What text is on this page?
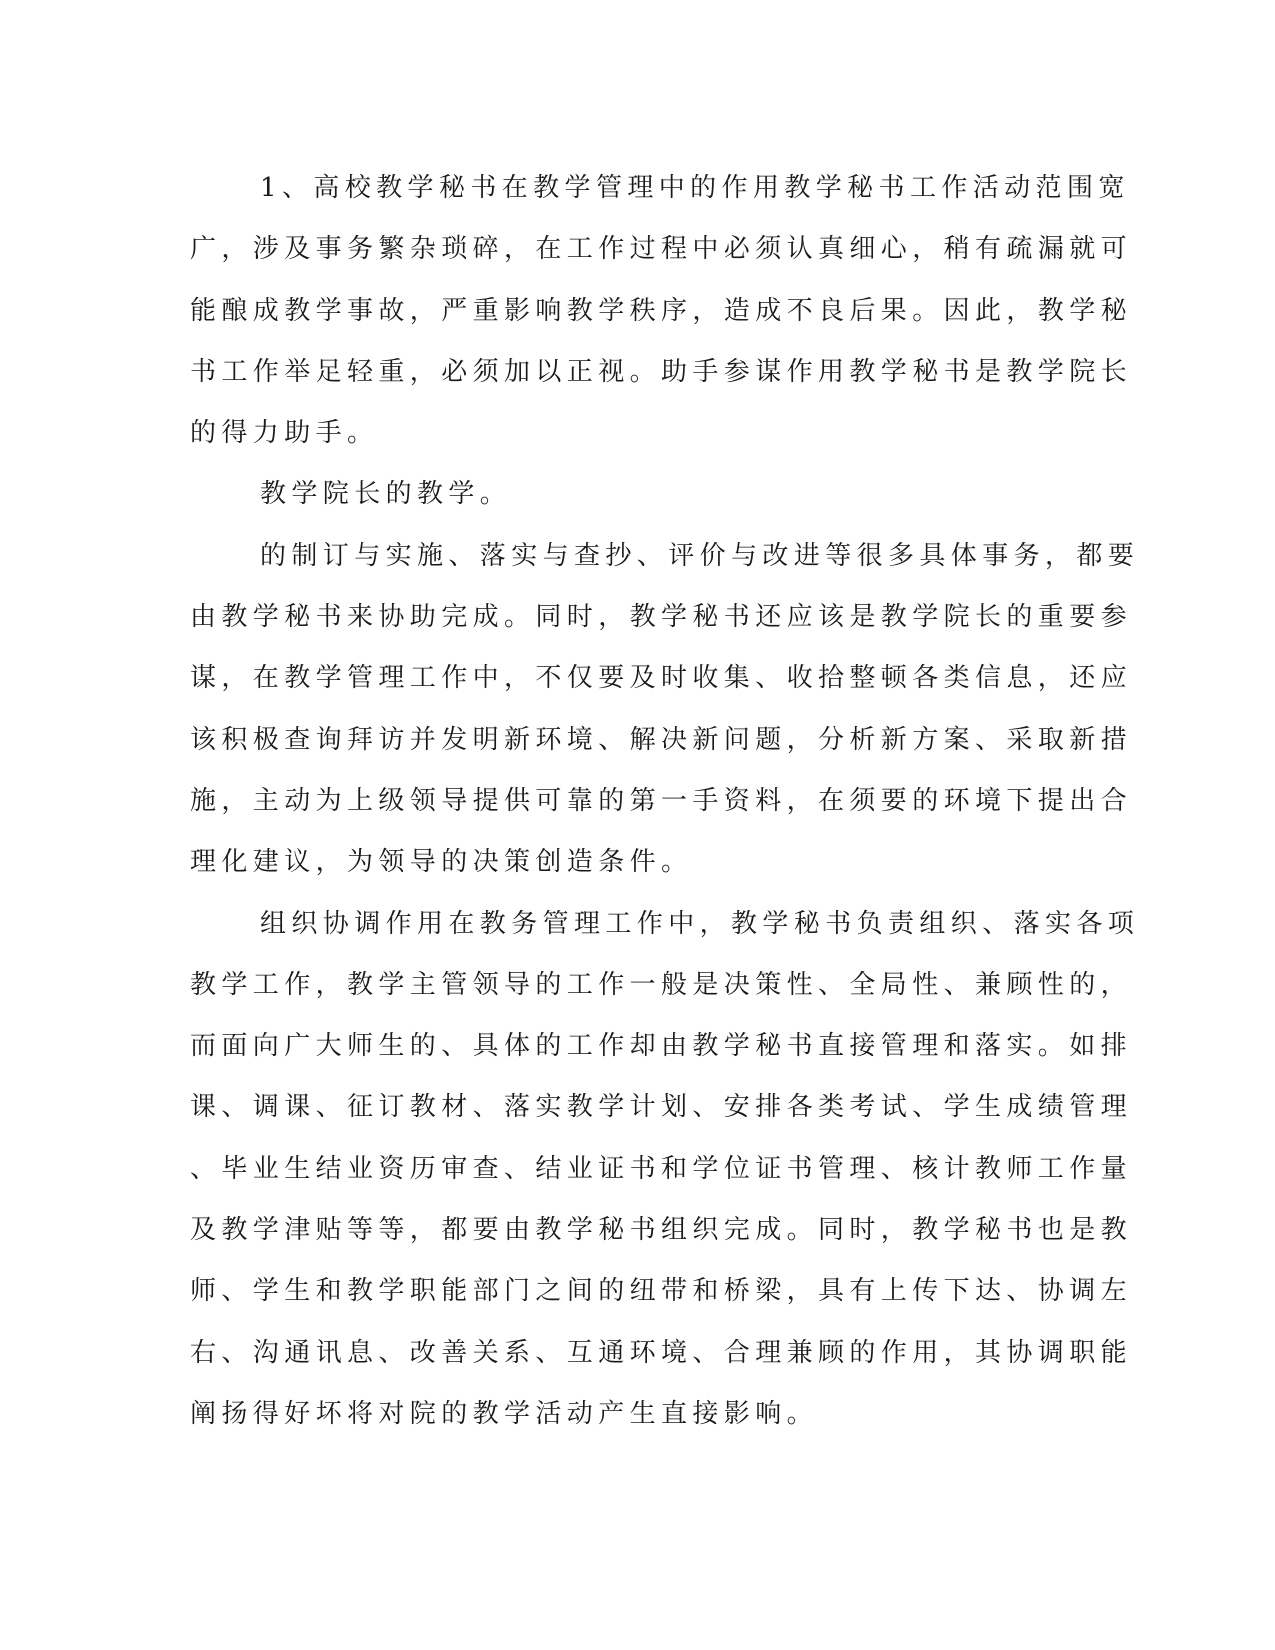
1、高校教学秘书在教学管理中的作用教学秘书工作活动范围宽
广，涉及事务繁杂琐碎，在工作过程中必须认真细心，稍有疏漏就可
能酿成教学事故，严重影响教学秩序，造成不良后果。因此，教学秘
书工作举足轻重，必须加以正视。助手参谋作用教学秘书是教学院长
的得力助手。
教学院长的教学。
的制订与实施、落实与查抄、评价与改进等很多具体事务，都要
由教学秘书来协助完成。同时，教学秘书还应该是教学院长的重要参
谋，在教学管理工作中，不仅要及时收集、收拾整顿各类信息，还应
该积极查询拜访并发明新环境、解决新问题，分析新方案、采取新措
施，主动为上级领导提供可靠的第一手资料，在须要的环境下提出合
理化建议，为领导的决策创造条件。
组织协调作用在教务管理工作中，教学秘书负责组织、落实各项
教学工作，教学主管领导的工作一般是决策性、全局性、兼顾性的，
而面向广大师生的、具体的工作却由教学秘书直接管理和落实。如排
课、调课、征订教材、落实教学计划、安排各类考试、学生成绩管理
、毕业生结业资历审查、结业证书和学位证书管理、核计教师工作量
及教学津贴等等，都要由教学秘书组织完成。同时，教学秘书也是教
师、学生和教学职能部门之间的纽带和桥梁，具有上传下达、协调左
右、沟通讯息、改善关系、互通环境、合理兼顾的作用，其协调职能
阐扬得好坏将对院的教学活动产生直接影响。
